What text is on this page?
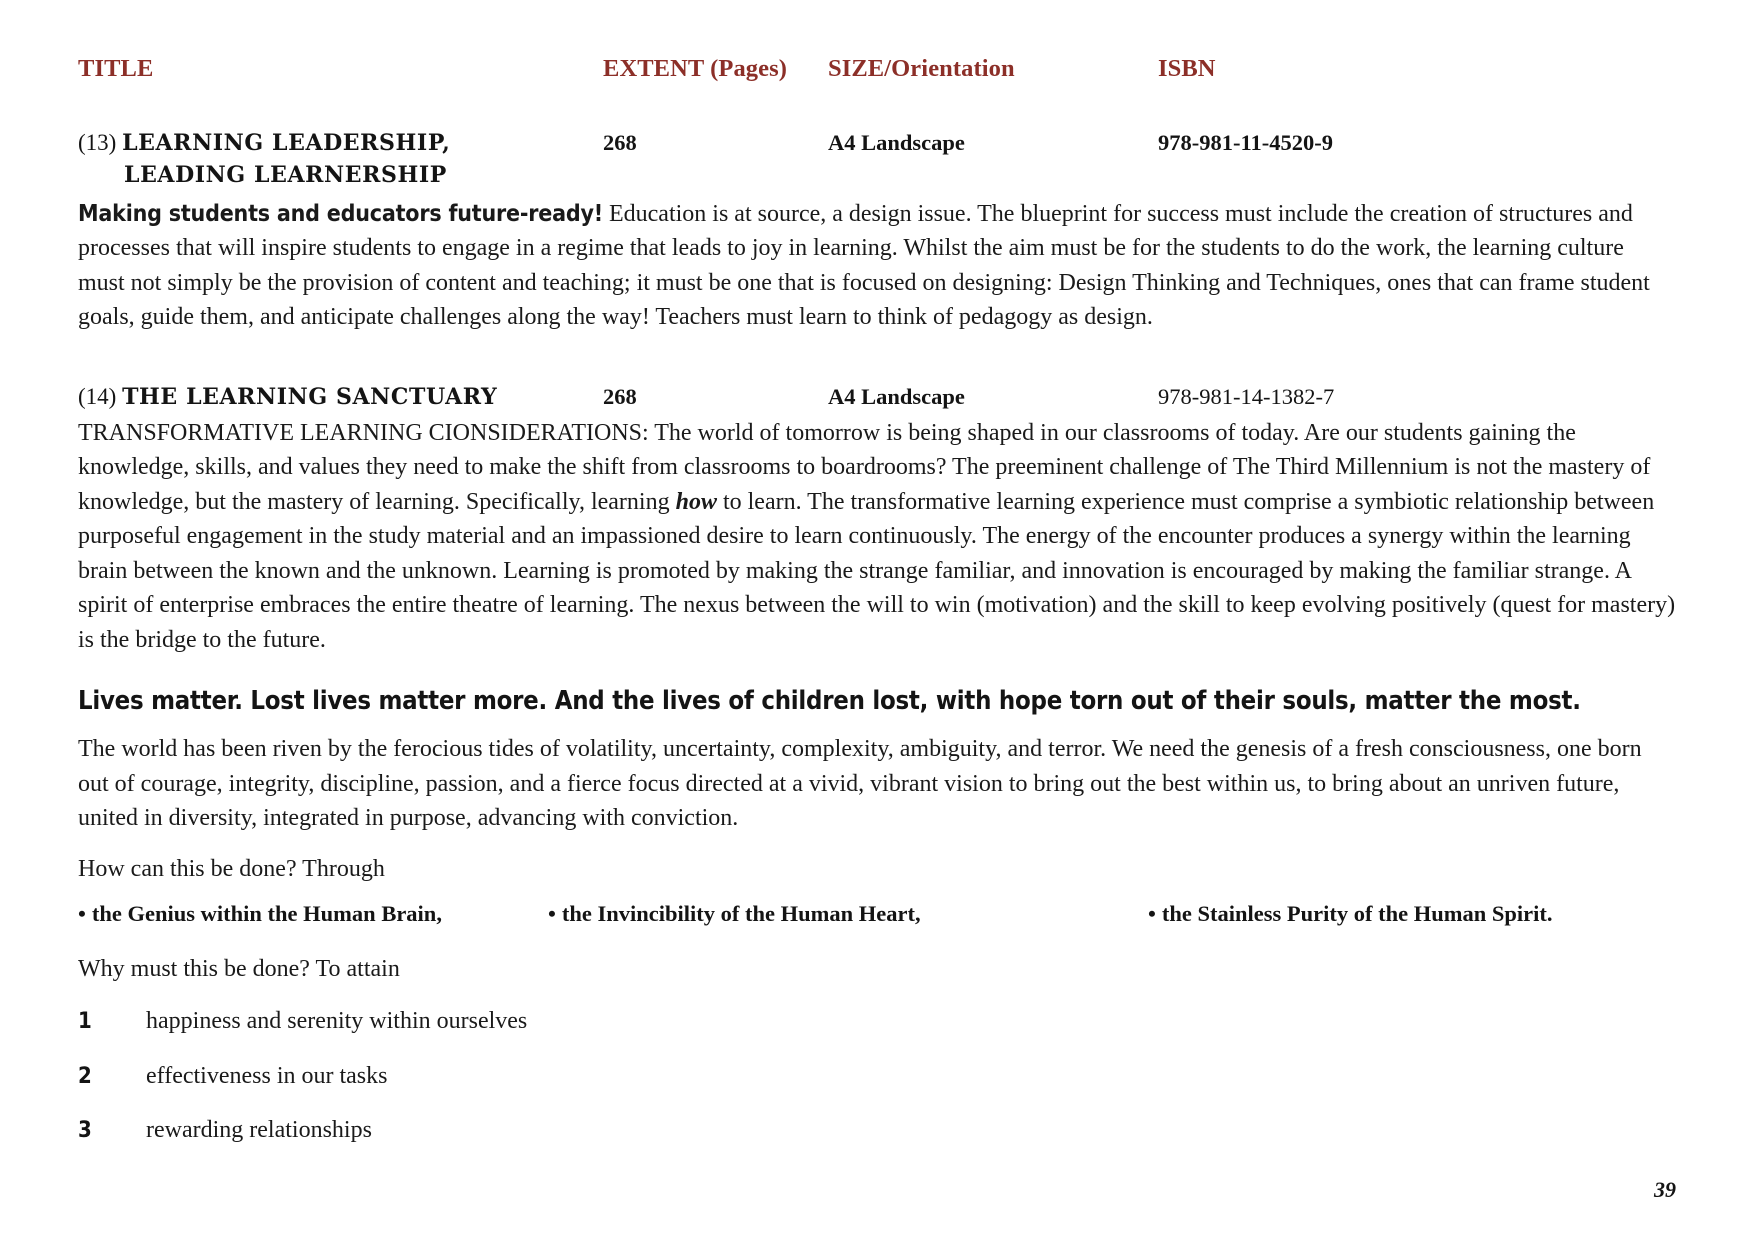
TITLE	EXTENT (Pages)	SIZE/Orientation	ISBN
(13) LEARNING LEADERSHIP,
LEADING LEARNERSHIP
268	A4 Landscape	978-981-11-4520-9

Making students and educators future-ready! Education is at source, a design issue. The blueprint for success must include the creation of structures and processes that will inspire students to engage in a regime that leads to joy in learning. Whilst the aim must be for the students to do the work, the learning culture must not simply be the provision of content and teaching; it must be one that is focused on designing: Design Thinking and Techniques, ones that can frame student goals, guide them, and anticipate challenges along the way! Teachers must learn to think of pedagogy as design.

(14) THE LEARNING SANCTUARY	268	A4 Landscape	978-981-14-1382-7

TRANSFORMATIVE LEARNING CIONSIDERATIONS: The world of tomorrow is being shaped in our classrooms of today. Are our students gaining the knowledge, skills, and values they need to make the shift from classrooms to boardrooms? The preeminent challenge of The Third Millennium is not the mastery of knowledge, but the mastery of learning. Specifically, learning how to learn. The transformative learning experience must comprise a symbiotic relationship between purposeful engagement in the study material and an impassioned desire to learn continuously. The energy of the encounter produces a synergy within the learning brain between the known and the unknown. Learning is promoted by making the strange familiar, and innovation is encouraged by making the familiar strange. A spirit of enterprise embraces the entire theatre of learning. The nexus between the will to win (motivation) and the skill to keep evolving positively (quest for mastery) is the bridge to the future.

Lives matter. Lost lives matter more. And the lives of children lost, with hope torn out of their souls, matter the most.

The world has been riven by the ferocious tides of volatility, uncertainty, complexity, ambiguity, and terror. We need the genesis of a fresh consciousness, one born out of courage, integrity, discipline, passion, and a fierce focus directed at a vivid, vibrant vision to bring out the best within us, to bring about an unriven future, united in diversity, integrated in purpose, advancing with conviction.

How can this be done? Through

• the Genius within the Human Brain,	• the Invincibility of the Human Heart,	• the Stainless Purity of the Human Spirit.

Why must this be done? To attain

1	happiness and serenity within ourselves
2	effectiveness in our tasks
3	rewarding relationships
39
